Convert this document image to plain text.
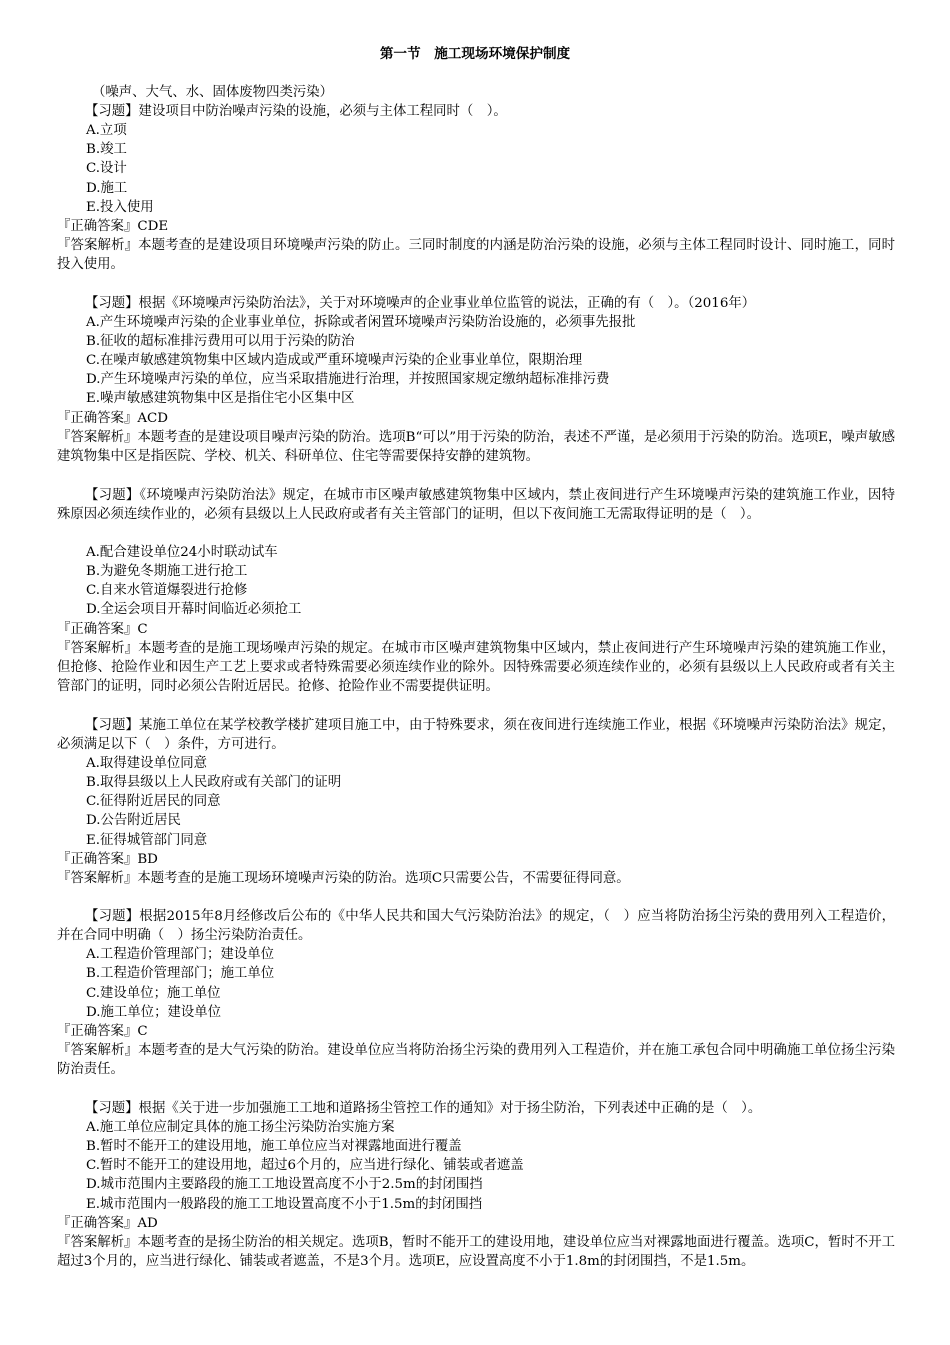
第一节　施工现场环境保护制度
（噪声、大气、水、固体废物四类污染）
【习题】建设项目中防治噪声污染的设施，必须与主体工程同时（　）。
A.立项
B.竣工
C.设计
D.施工
E.投入使用
『正确答案』CDE
『答案解析』本题考查的是建设项目环境噪声污染的防止。三同时制度的内涵是防治污染的设施，必须与主体工程同时设计、同时施工，同时投入使用。
【习题】根据《环境噪声污染防治法》，关于对环境噪声的企业事业单位监管的说法，正确的有（　）。（2016年）
A.产生环境噪声污染的企业事业单位，拆除或者闲置环境噪声污染防治设施的，必须事先报批
B.征收的超标准排污费用可以用于污染的防治
C.在噪声敏感建筑物集中区域内造成或严重环境噪声污染的企业事业单位，限期治理
D.产生环境噪声污染的单位，应当采取措施进行治理，并按照国家规定缴纳超标准排污费
E.噪声敏感建筑物集中区是指住宅小区集中区
『正确答案』ACD
『答案解析』本题考查的是建设项目噪声污染的防治。选项B“可以”用于污染的防治，表述不严谨，是必须用于污染的防治。选项E，噪声敏感建筑物集中区是指医院、学校、机关、科研单位、住宅等需要保持安静的建筑物。
【习题】《环境噪声污染防治法》规定，在城市市区噪声敏感建筑物集中区域内，禁止夜间进行产生环境噪声污染的建筑施工作业，因特殊原因必须连续作业的，必须有县级以上人民政府或者有关主管部门的证明，但以下夜间施工无需取得证明的是（　）。
A.配合建设单位24小时联动试车
B.为避免冬期施工进行抢工
C.自来水管道爆裂进行抢修
D.全运会项目开幕时间临近必须抢工
『正确答案』C
『答案解析』本题考查的是施工现场噪声污染的规定。在城市市区噪声建筑物集中区域内，禁止夜间进行产生环境噪声污染的建筑施工作业，但抢修、抢险作业和因生产工艺上要求或者特殊需要必须连续作业的除外。因特殊需要必须连续作业的，必须有县级以上人民政府或者有关主管部门的证明，同时必须公告附近居民。抢修、抢险作业不需要提供证明。
【习题】某施工单位在某学校教学楼扩建项目施工中，由于特殊要求，须在夜间进行连续施工作业，根据《环境噪声污染防治法》规定，必须满足以下（　）条件，方可进行。
A.取得建设单位同意
B.取得县级以上人民政府或有关部门的证明
C.征得附近居民的同意
D.公告附近居民
E.征得城管部门同意
『正确答案』BD
『答案解析』本题考查的是施工现场环境噪声污染的防治。选项C只需要公告，不需要征得同意。
【习题】根据2015年8月经修改后公布的《中华人民共和国大气污染防治法》的规定，（　）应当将防治扬尘污染的费用列入工程造价，并在合同中明确（　）扬尘污染防治责任。
A.工程造价管理部门；建设单位
B.工程造价管理部门；施工单位
C.建设单位；施工单位
D.施工单位；建设单位
『正确答案』C
『答案解析』本题考查的是大气污染的防治。建设单位应当将防治扬尘污染的费用列入工程造价，并在施工承包合同中明确施工单位扬尘污染防治责任。
【习题】根据《关于进一步加强施工工地和道路扬尘管控工作的通知》对于扬尘防治，下列表述中正确的是（　）。
A.施工单位应制定具体的施工扬尘污染防治实施方案
B.暂时不能开工的建设用地，施工单位应当对裸露地面进行覆盖
C.暂时不能开工的建设用地，超过6个月的，应当进行绿化、铺装或者遮盖
D.城市范围内主要路段的施工工地设置高度不小于2.5m的封闭围挡
E.城市范围内一般路段的施工工地设置高度不小于1.5m的封闭围挡
『正确答案』AD
『答案解析』本题考查的是扬尘防治的相关规定。选项B，暂时不能开工的建设用地，建设单位应当对裸露地面进行覆盖。选项C，暂时不开工超过3个月的，应当进行绿化、铺装或者遮盖，不是3个月。选项E，应设置高度不小于1.8m的封闭围挡，不是1.5m。
